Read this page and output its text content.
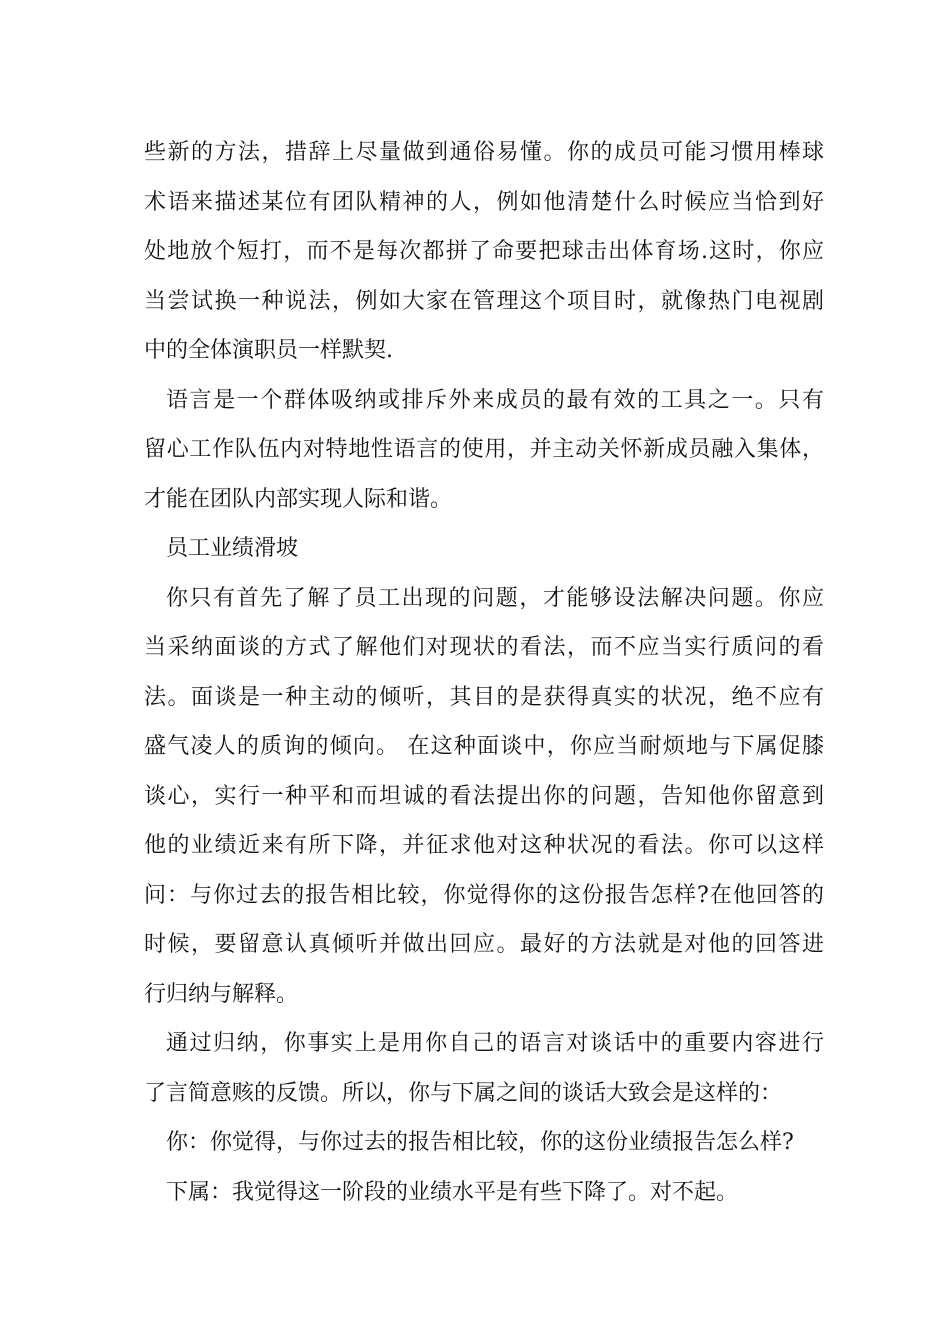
些新的方法，措辞上尽量做到通俗易懂。你的成员可能习惯用棒球
术语来描述某位有团队精神的人，例如他清楚什么时候应当恰到好
处地放个短打，而不是每次都拼了命要把球击出体育场.这时，你应
当尝试换一种说法，例如大家在管理这个项目时，就像热门电视剧
中的全体演职员一样默契.
语言是一个群体吸纳或排斥外来成员的最有效的工具之一。只有
留心工作队伍内对特地性语言的使用，并主动关怀新成员融入集体，
才能在团队内部实现人际和谐。
员工业绩滑坡
你只有首先了解了员工出现的问题，才能够设法解决问题。你应
当采纳面谈的方式了解他们对现状的看法，而不应当实行质问的看
法。面谈是一种主动的倾听，其目的是获得真实的状况，绝不应有
盛气凌人的质询的倾向。 在这种面谈中，你应当耐烦地与下属促膝
谈心，实行一种平和而坦诚的看法提出你的问题，告知他你留意到
他的业绩近来有所下降，并征求他对这种状况的看法。你可以这样
问：与你过去的报告相比较，你觉得你的这份报告怎样?在他回答的
时候，要留意认真倾听并做出回应。最好的方法就是对他的回答进
行归纳与解释。
通过归纳，你事实上是用你自己的语言对谈话中的重要内容进行
了言简意赅的反馈。所以，你与下属之间的谈话大致会是这样的：
你：你觉得，与你过去的报告相比较，你的这份业绩报告怎么样?
下属：我觉得这一阶段的业绩水平是有些下降了。对不起。
